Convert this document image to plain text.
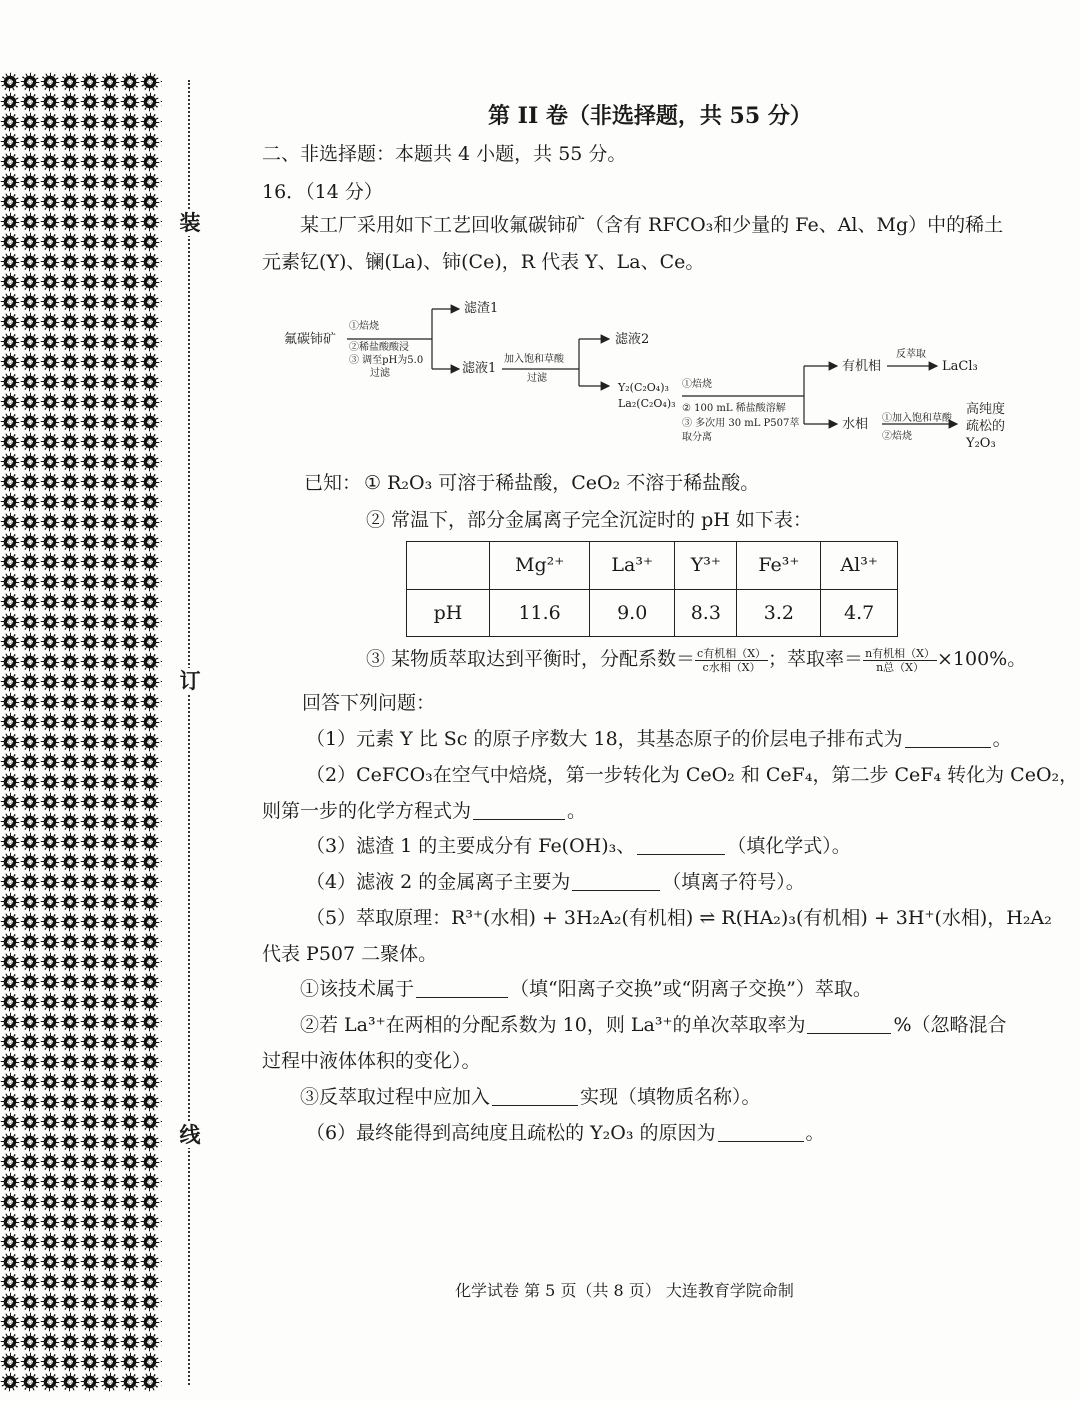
装
订
线
第 II 卷（非选择题，共 55 分）
二、非选择题：本题共 4 小题，共 55 分。
16．（14 分）
某工厂采用如下工艺回收氟碳铈矿（含有 RFCO₃和少量的 Fe、Al、Mg）中的稀土
元素钇(Y)、镧(La)、铈(Ce)，R 代表 Y、La、Ce。
氟碳铈矿
①焙烧
②稀盐酸酸浸
③ 调至pH为5.0
过滤
滤渣1
滤液1
加入饱和草酸
过滤
滤液2
Y₂(C₂O₄)₃
La₂(C₂O₄)₃
①焙烧
② 100 mL 稀盐酸溶解
③ 多次用 30 mL P507萃
取分离
有机相
反萃取
LaCl₃
水相 ①加入饱和草酸
②焙烧
高纯度
疏松的
Y₂O₃
已知： ① R₂O₃ 可溶于稀盐酸，CeO₂ 不溶于稀盐酸。
② 常温下，部分金属离子完全沉淀时的 pH 如下表：
	Mg²⁺	La³⁺	Y³⁺	Fe³⁺	Al³⁺
pH	11.6	9.0	8.3	3.2	4.7
③ 某物质萃取达到平衡时，分配系数＝ $\frac{\text{c有机相（X）}}{\text{c水相（X）}}$ ；萃取率＝ $\frac{\text{n有机相（X）}}{\text{n总（X）}} \times 100\%$。
回答下列问题：
（1）元素 Y 比 Sc 的原子序数大 18，其基态原子的价层电子排布式为	。
（2）CeFCO₃在空气中焙烧，第一步转化为 CeO₂ 和 CeF₄，第二步 CeF₄ 转化为 CeO₂，
则第一步的化学方程式为	。
（3）滤渣 1 的主要成分有 Fe(OH)₃、	（填化学式）。
（4）滤液 2 的金属离子主要为	（填离子符号）。
（5）萃取原理：R³⁺(水相) + 3H₂A₂(有机相) ⇌ R(HA₂)₃(有机相) + 3H⁺(水相)，H₂A₂
代表 P507 二聚体。
①该技术属于	（填“阳离子交换”或“阴离子交换”）萃取。
②若 La³⁺在两相的分配系数为 10，则 La³⁺的单次萃取率为	%（忽略混合
过程中液体体积的变化）。
③反萃取过程中应加入	实现（填物质名称）。
（6）最终能得到高纯度且疏松的 Y₂O₃ 的原因为	。
化学试卷 第 5 页（共 8 页） 大连教育学院命制
